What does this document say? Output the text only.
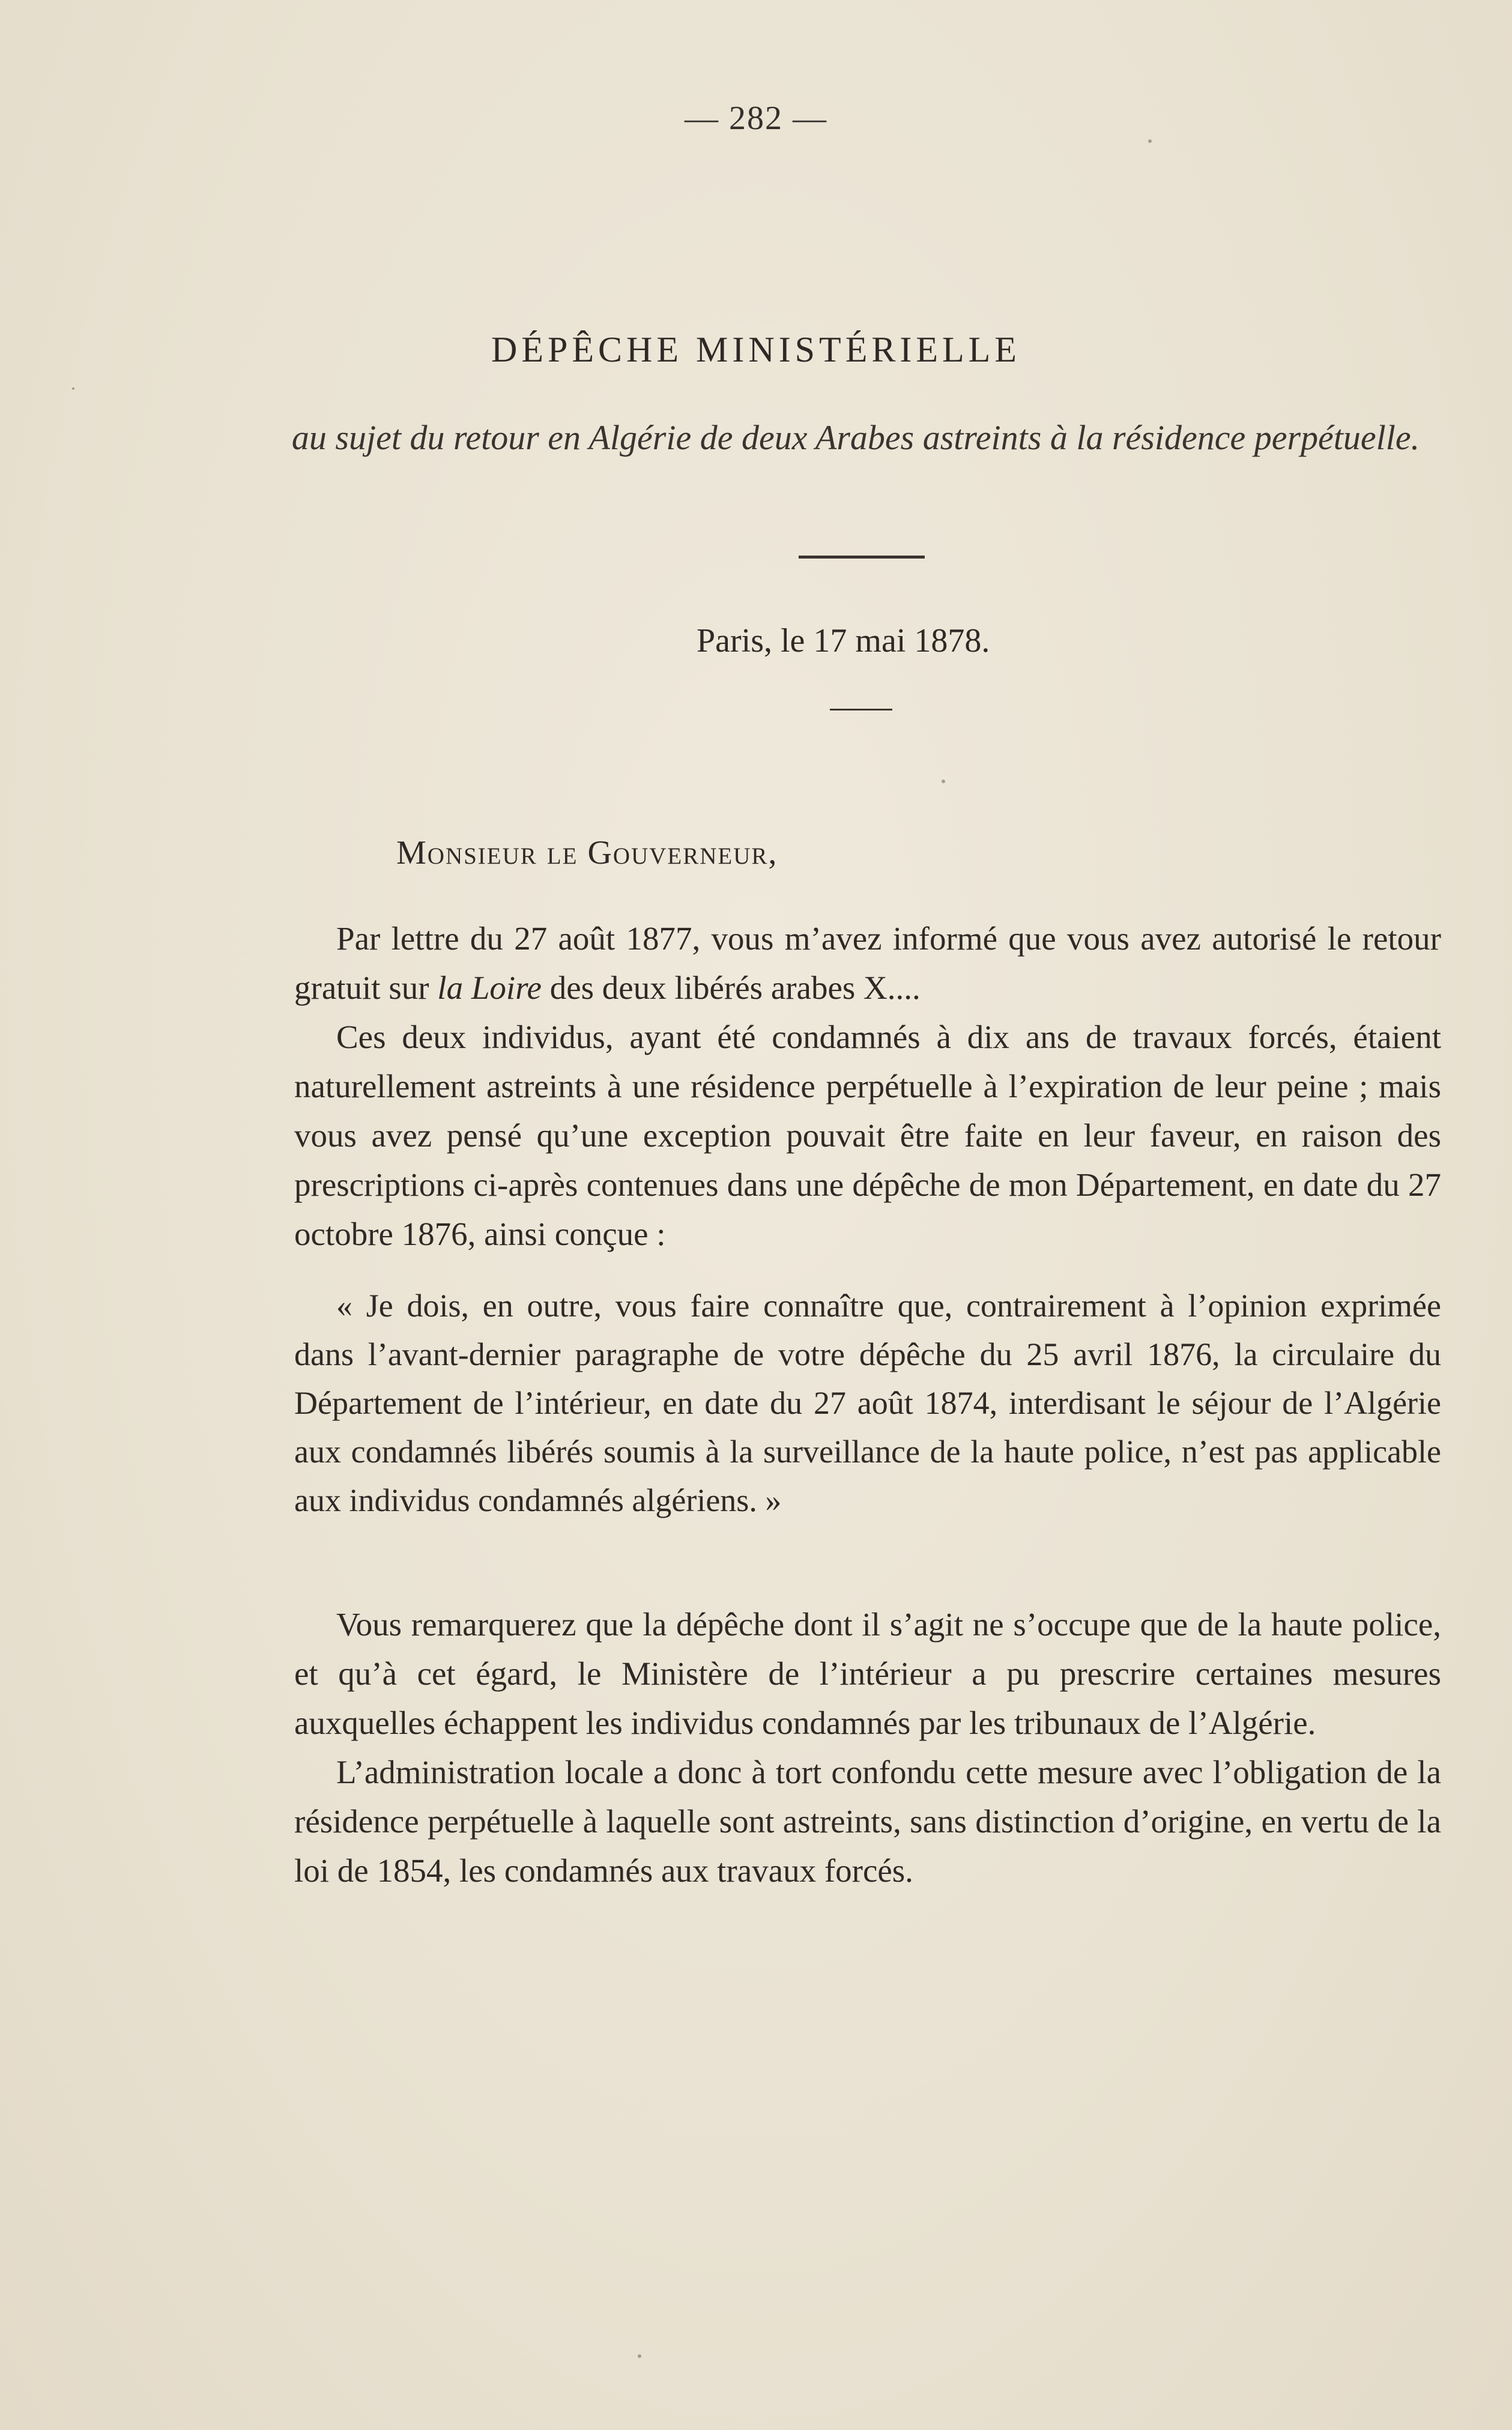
— 282 —
DÉPÊCHE MINISTÉRIELLE
au sujet du retour en Algérie de deux Arabes astreints à la résidence perpétuelle.
Paris, le 17 mai 1878.
Monsieur le Gouverneur,

Par lettre du 27 août 1877, vous m’avez informé que vous avez autorisé le retour gratuit sur la Loire des deux libérés arabes X....

Ces deux individus, ayant été condamnés à dix ans de travaux forcés, étaient naturellement astreints à une résidence perpétuelle à l’expiration de leur peine ; mais vous avez pensé qu’une exception pouvait être faite en leur faveur, en raison des prescriptions ci-après contenues dans une dépêche de mon Département, en date du 27 octobre 1876, ainsi conçue :

« Je dois, en outre, vous faire connaître que, contrairement à l’opinion exprimée dans l’avant-dernier paragraphe de votre dépêche du 25 avril 1876, la circulaire du Département de l’intérieur, en date du 27 août 1874, interdisant le séjour de l’Algérie aux condamnés libérés soumis à la surveillance de la haute police, n’est pas applicable aux individus condamnés algériens. »

Vous remarquerez que la dépêche dont il s’agit ne s’occupe que de la haute police, et qu’à cet égard, le Ministère de l’intérieur a pu prescrire certaines mesures auxquelles échappent les individus condamnés par les tribunaux de l’Algérie.

L’administration locale a donc à tort confondu cette mesure avec l’obligation de la résidence perpétuelle à laquelle sont astreints, sans distinction d’origine, en vertu de la loi de 1854, les condamnés aux travaux forcés.
